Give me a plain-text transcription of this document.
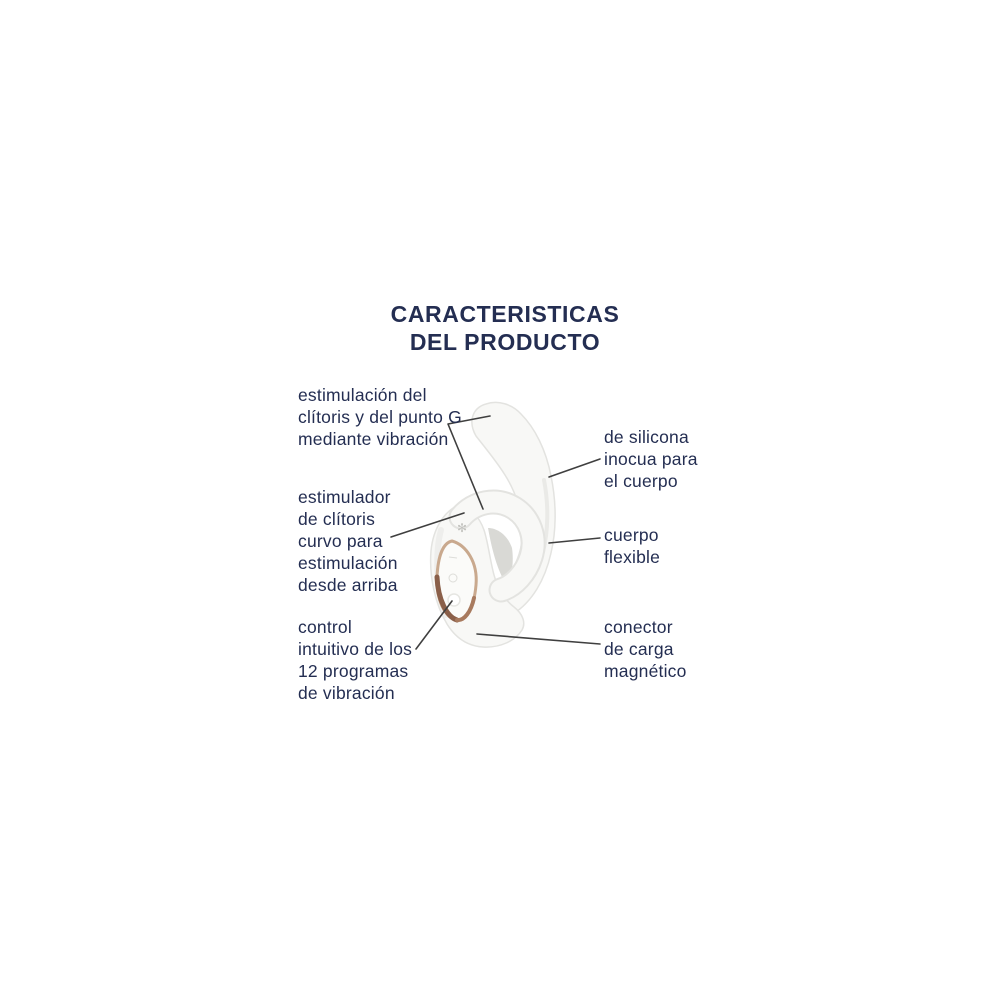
✻
CARACTERISTICAS
DEL PRODUCTO
estimulación del
clítoris y del punto G
mediante vibración
estimulador
de clítoris
curvo para
estimulación
desde arriba
control
intuitivo de los
12 programas
de vibración
de silicona
inocua para
el cuerpo
cuerpo
flexible
conector
de carga
magnético
